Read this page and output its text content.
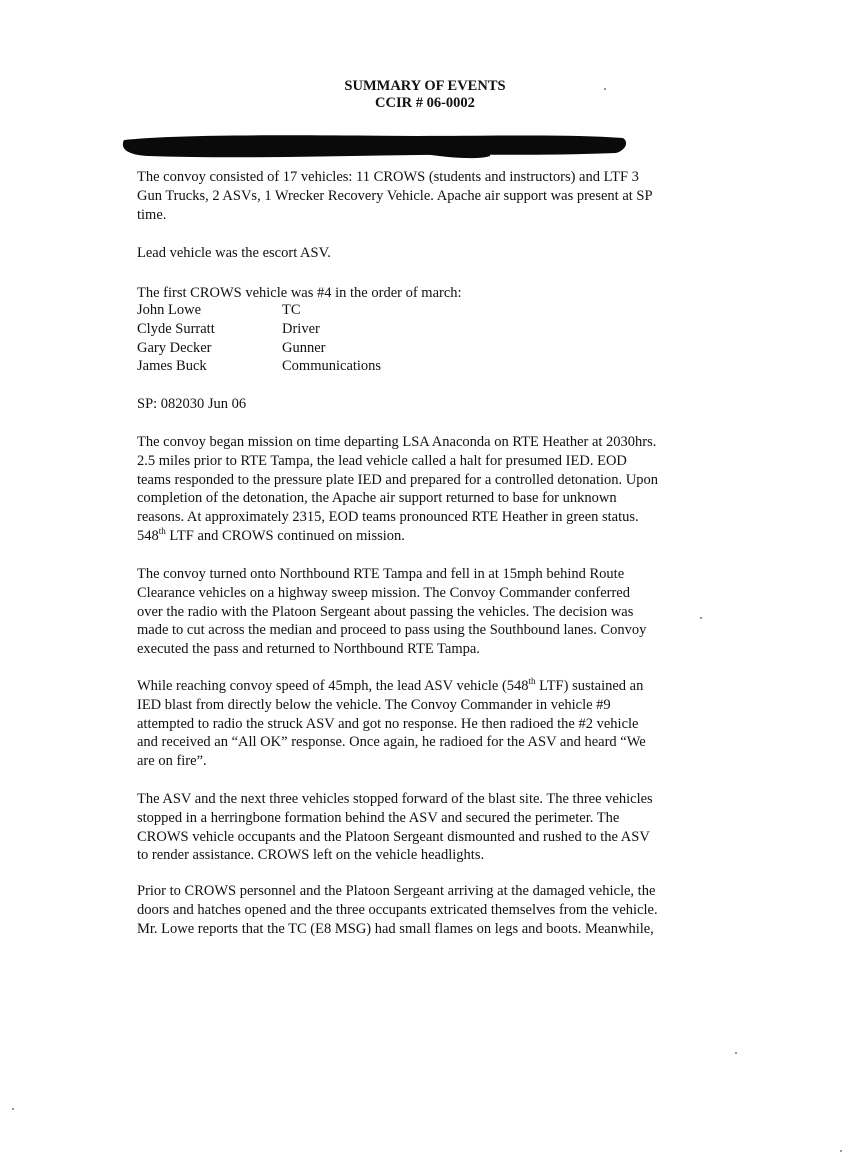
SUMMARY OF EVENTS
CCIR # 06-0002
The convoy consisted of 17 vehicles: 11 CROWS (students and instructors) and LTF 3
Gun Trucks, 2 ASVs, 1 Wrecker Recovery Vehicle. Apache air support was present at SP
time.
Lead vehicle was the escort ASV.
The first CROWS vehicle was #4 in the order of march:
John Lowe	TC
Clyde Surratt	Driver
Gary Decker	Gunner
James Buck	Communications
SP: 082030 Jun 06
The convoy began mission on time departing LSA Anaconda on RTE Heather at 2030hrs.
2.5 miles prior to RTE Tampa, the lead vehicle called a halt for presumed IED. EOD
teams responded to the pressure plate IED and prepared for a controlled detonation. Upon
completion of the detonation, the Apache air support returned to base for unknown
reasons. At approximately 2315, EOD teams pronounced RTE Heather in green status.
548th LTF and CROWS continued on mission.
The convoy turned onto Northbound RTE Tampa and fell in at 15mph behind Route
Clearance vehicles on a highway sweep mission. The Convoy Commander conferred
over the radio with the Platoon Sergeant about passing the vehicles. The decision was
made to cut across the median and proceed to pass using the Southbound lanes. Convoy
executed the pass and returned to Northbound RTE Tampa.
While reaching convoy speed of 45mph, the lead ASV vehicle (548th LTF) sustained an
IED blast from directly below the vehicle. The Convoy Commander in vehicle #9
attempted to radio the struck ASV and got no response. He then radioed the #2 vehicle
and received an “All OK” response. Once again, he radioed for the ASV and heard “We
are on fire”.
The ASV and the next three vehicles stopped forward of the blast site. The three vehicles
stopped in a herringbone formation behind the ASV and secured the perimeter. The
CROWS vehicle occupants and the Platoon Sergeant dismounted and rushed to the ASV
to render assistance. CROWS left on the vehicle headlights.
Prior to CROWS personnel and the Platoon Sergeant arriving at the damaged vehicle, the
doors and hatches opened and the three occupants extricated themselves from the vehicle.
Mr. Lowe reports that the TC (E8 MSG) had small flames on legs and boots. Meanwhile,
